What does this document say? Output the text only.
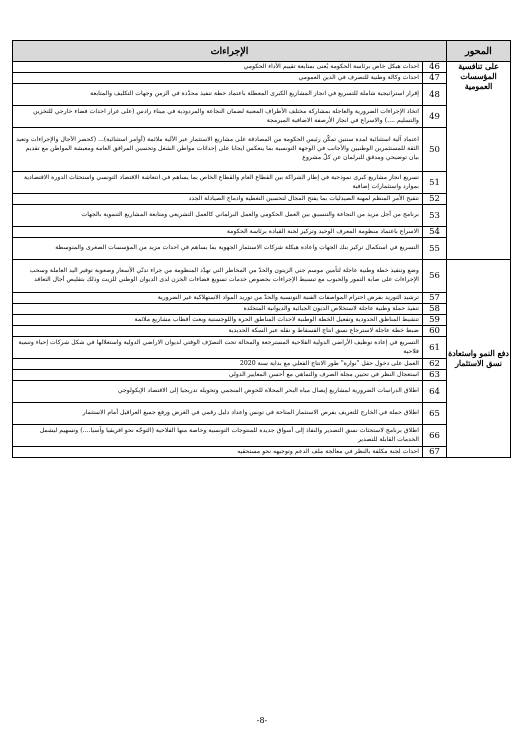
المحور	الإجراءات	
على تنافسية المؤسسات العمومية	46	احداث هيكل خاص برئاسة الحكومة يُعنى بمتابعة تقييم الأداء الحكومي
	47	احداث وكالة وطنية للتصرف في الدين العمومي
	48	إقرار استراتيجية شاملة للتسريع في انجاز المشاريع الكبرى المعطلة باعتماد خطة تنفيذ محدّدة في الزمن وجهات التكليف والمتابعة
	49	اتخاذ الإجراءات الضرورية والعاجلة بمشاركة مختلف الأطراف المعنية لضمان النجاعة والمردودية في ميناء رادس (على غرار احداث فضاء خارجي للتخزين والتسليم ....) والاسراع في انجاز الأرصفة الاضافية المبرمجة
	50	اعتماد آلية استثنائية لمدة سنتين تمكّن رئيس الحكومة من المصادقة على مشاريع الاستثمار عبر الآلية ملائمة (أوامر استثنائية)... (كحصر الآجال والإجراءات وتعيد الثقة للمستثمرين الوطنيين والأجانب في الوجهة التونسية بما ينعكس ايجابا على إحداثات مواطن الشغل وتحسين المرافق العامة ومعيشة المواطن مع تقديم بيان توضيحي ومدقق للبرلمان عن كلّ مشروع
	51	تسريع انجاز مشاريع كبرى نموذجية في إطار الشراكة بين القطاع العام والقطاع الخاص بما يساهم في انتعاشة الاقتصاد التونسي واستحثاث الدورة الاقتصادية بموارد واستثمارات إضافية
	52	تنقيح الأمر المنظم لمهنة الصيدليات بما يفتح المجال لتحسين التغطية وادماج الصيادلة الجدد
	53	برنامج من أجل مزيد من النجاعة والتنسيق بين العمل الحكومي والعمل البرلماني كالعمل التشريعي ومتابعة المشاريع التنموية بالجهات
	54	الاسراع باعتماد منظومة المعرف الوحيد وتركيز لجنة القيادة برئاسة الحكومة
	55	التسريع في استكمال تركيز بنك الجهات واعادة هيكلة شركات الاستثمار الجهوية بما يساهم في احداث مزيد من المؤسسات الصغرى والمتوسطة
دفع النمو واستعادة نسق الاستثمار	56	وضع وتنفيذ خطة وطنية عاجلة لتأمين موسم جني الزيتون والحدّ من المخاطر التي تهدّد المنظومة من جراء تدنّي الأسعار وصعوبة توفير اليد العاملة وسحب الإجراءات على صابة التمور والحبوب مع تبسيط الإجراءات بخصوص خدمات تسويغ فضاءات الخزن لدى الديوان الوطني للزيت وذلك بتقليص أجال التعاقد
	57	ترشيد التوريد بفرض احترام المواصفات الفنية التونسية والحدّ من توريد المواد الاستهلاكية غير الضرورية
	58	تنفيذ حملة وطنية عاجلة لاستخلاص الديون الجبائية والديوانية المتخلدة
	59	تنشيط المناطق الحدودية وتفعيل الخطة الوطنية لاحداث المناطق الحرة واللوجستية وبعث أقطاب مشاريع ملائمة
	60	ضبط خطة عاجلة لاسترجاع نسق انتاج الفسفاط و نقله عبر السكة الحديدية
	61	التسريع في إعادة توظيف الأراضي الدولية الفلاحية المسترجعة والمحالة تحت التصرّف الوقتي لديوان الاراضي الدولية واستغلالها في شكل شركات إحياء وتنمية فلاحية
	62	العمل على دخول حقل "نوارة" طور الانتاج الفعلي مع بداية سنة 2020
	63	استعجال النظر في تحيين مجلة الصرف والتماهي مع أحسن المعايير الدولي
	64	اطلاق الدراسات الضرورية لمشاريع إيصال مياه البحر المحلاة للحوض المنجمي وتحويله تدريجيا إلى الاقتصاد الإيكولوجي
	65	اطلاق حملة في الخارج للتعريف بفرص الاستثمار المتاحة في تونس واعداد دليل رقمي في الغرض ورفع جميع العراقيل أمام الاستثمار
	66	اطلاق برنامج لاستحثاث نسق التصدير والنفاذ إلى أسواق جديدة للمنتوجات التونسية وخاصة منها الفلاحية (التوجّه نحو افريقيا وآسيا....) وتسهيم ليشمل الخدمات القابلة للتصدير
	67	احداث لجنة مكلفة بالنظر في معالجة ملف الدعم وتوجيهه نحو مستحقيه
-8-
